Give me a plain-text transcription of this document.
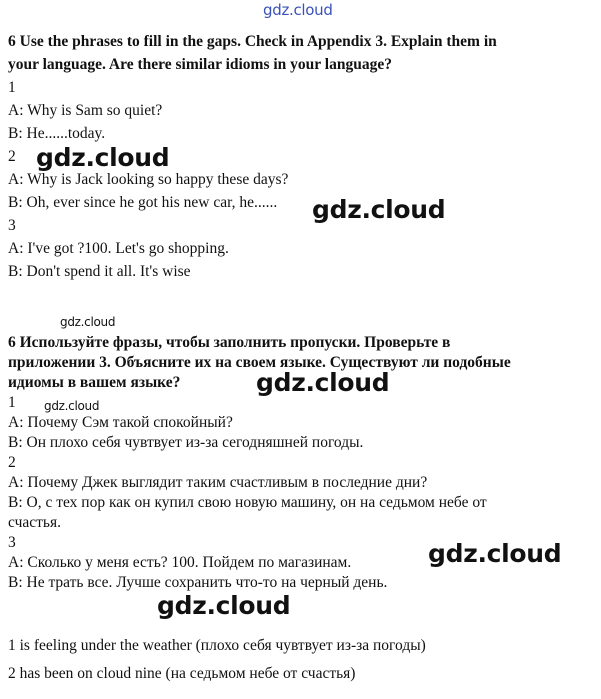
gdz.cloud
gdz.cloud
gdz.cloud
gdz.cloud
gdz.cloud
gdz.cloud
gdz.cloud
gdz.cloud
6 Use the phrases to fill in the gaps. Check in Appendix 3. Explain them in
your language. Are there similar idioms in your language?
1
A: Why is Sam so quiet?
B: He......today.
2
A: Why is Jack looking so happy these days?
B: Oh, ever since he got his new car, he......
3
A: I've got ?100. Let's go shopping.
B: Don't spend it all. It's wise
6 Используйте фразы, чтобы заполнить пропуски. Проверьте в
приложении 3. Объясните их на своем языке. Существуют ли подобные
идиомы в вашем языке?
1
A: Почему Сэм такой спокойный?
B: Он плохо себя чувтвует из-за сегодняшней погоды.
2
A: Почему Джек выглядит таким счастливым в последние дни?
B: О, с тех пор как он купил свою новую машину, он на седьмом небе от
счастья.
3
A: Сколько у меня есть? 100. Пойдем по магазинам.
B: Не трать все. Лучше сохранить что-то на черный день.
1 is feeling under the weather (плохо себя чувтвует из-за погоды)
2 has been on cloud nine (на седьмом небе от счастья)
